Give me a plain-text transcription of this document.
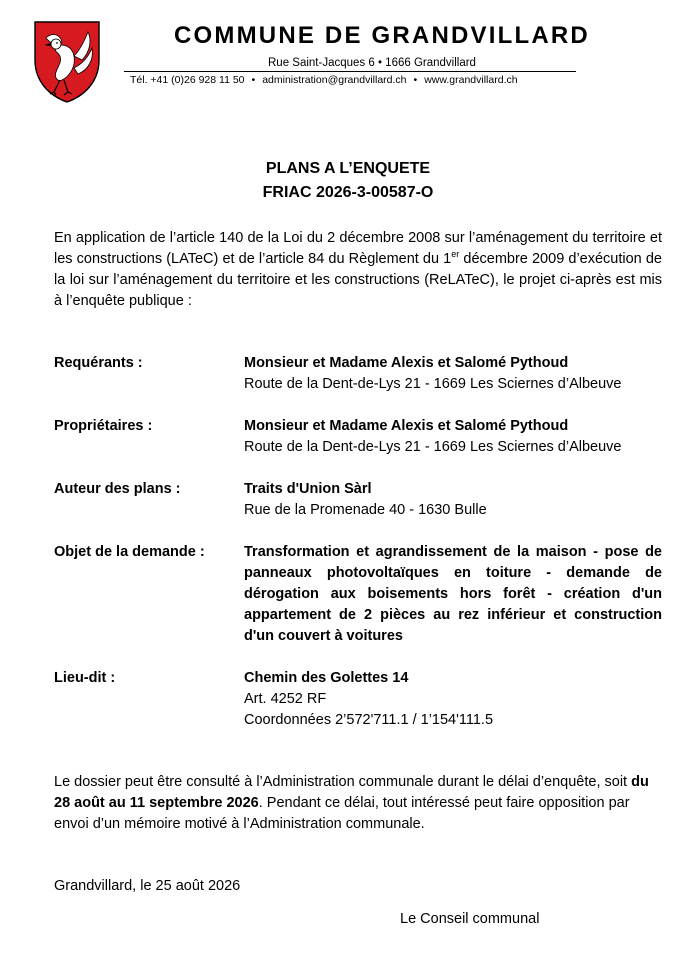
COMMUNE DE GRANDVILLARD
Rue Saint-Jacques 6 • 1666 Grandvillard
Tél. +41 (0)26 928 11 50 • administration@grandvillard.ch • www.grandvillard.ch
PLANS A L’ENQUETE
FRIAC 2026-3-00587-O
En application de l’article 140 de la Loi du 2 décembre 2008 sur l’aménagement du territoire et les constructions (LATeC) et de l’article 84 du Règlement du 1er décembre 2009 d’exécution de la loi sur l’aménagement du territoire et les constructions (ReLATeC), le projet ci-après est mis à l’enquête publique :
Requérants :	Monsieur et Madame Alexis et Salomé Pythoud
Route de la Dent-de-Lys 21 - 1669 Les Sciernes d’Albeuve
Propriétaires :	Monsieur et Madame Alexis et Salomé Pythoud
Route de la Dent-de-Lys 21 - 1669 Les Sciernes d’Albeuve
Auteur des plans :	Traits d'Union Sàrl
Rue de la Promenade 40 - 1630 Bulle
Objet de la demande :	Transformation et agrandissement de la maison - pose de panneaux photovoltaïques en toiture - demande de dérogation aux boisements hors forêt - création d'un appartement de 2 pièces au rez inférieur et construction d'un couvert à voitures
Lieu-dit :	Chemin des Golettes 14
Art. 4252 RF
Coordonnées 2’572'711.1 / 1’154'111.5
Le dossier peut être consulté à l’Administration communale durant le délai d’enquête, soit du 28 août au 11 septembre 2026. Pendant ce délai, tout intéressé peut faire opposition par envoi d’un mémoire motivé à l’Administration communale.
Grandvillard, le 25 août 2026
Le Conseil communal
